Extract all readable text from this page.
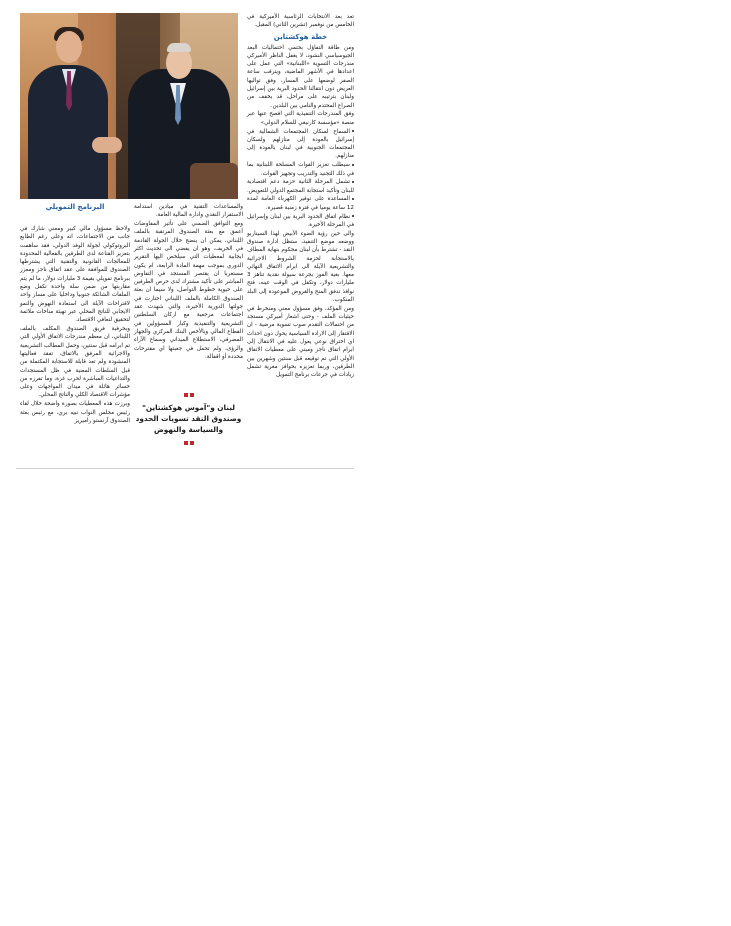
تعد بعد الانتخابات الرئاسية الأميركية في الخامس من نوفمبر (تشرين الثاني) المقبل.

خطة هوكشتاين

ومن طاقة التفاؤل بحتمي احتماليات البعد الجيوسياسي النشود، لا يغفل الناظر الأميركي مندرجات التسوية «اللبنانية» التي عمل على اعدادها في الأشهر الماضية، ويترقب ساعة الصفر لوضعها على المسار، وفق تواليها العريض دون انتقالنا الحدود البرية بين إسرائيل ولبنان بترتيبه على مراحل، قد يخفف من الصراع المحتدم والنامي بين البلدين.

وفق المندرجات التنفيذية التي افصح عنها عبر منصة «مؤسسة كارنيغي للسلام الدولي»

السماح لسكان المجتمعات الشمالية في إسرائيل بالعودة إلى منازلهم ولسكان المجتمعات الجنوبية في لبنان بالعودة إلى منازلهم.

سيطلب تعزيز القوات المسلحة اللبنانية بما في ذلك التجنيد والتدريب وتجهيز القوات.

تشمل المرحلة الثانية حزمة دعم اقتصادية للبنان وتأكيد استجابة المجتمع الدولي للتعويض.

المساعدة على توفير الكهرباء العامة لمدة 12 ساعة يوميا في فترة زمنية قصيرة.

نظام اتفاق الحدود البرية بين لبنان وإسرائيل في المرحلة الأخيرة.

والى حين رؤية الضوء الأبيض لهذا السيناريو ووضعه موضع التنفيذ، ستظل ادارة صندوق النقد - تشترط بأن لبنان محكوم بنهاية المطاف بالاستجابة لحزمة الشروط الاجرائية والتشريعية الآيلة الى ابرام الاتفاق النهائي معها. بغية الفوز بجرعة سيولة نقدية تناهز 3 مليارات دولار، وتكفل في الوقت عينه، فتح نوافذ تدفق المنح والقروض الموعودة إلى البلد المنكوب.

ومن المؤكد، وفق مسؤول معني ومنخرط في حيثيات الملف - وحتى اشعار أميركي مستجد من احتمالات التقدم صوب تسوية مرضية - ان الافتقار إلى الارادة السياسية يحول دون احداث اي اختراق نوعي يعول عليه في الانتقال إلى ابرام اتفاق ناجز ومبني على معطيات الاتفاق الأولي التي تم توقيعه قبل سنتين وشهرين بين الطرفين، وربما تعزيزه بحوافز مغرية تشمل زيادات في جرعات برنامج التمويل

والمساعدات التقنية في ميادين استدامة الاستقرار النقدي وادارة المالية العامة.

ومع التوافق الضمني على تأثير المفاوضات أعمق مع بعثة الصندوق المرتقبة بالملف اللبناني، يمكن ان ينضج خلال الجولة القادمة في الخريف، وهو ان يفضي الى تحديث اكثر ايجابية لمعطيات التي سيلخص اليها التقرير الدوري بموجب مهمة المادة الرابعة، ام يكون مستغربا ان يقتصر المستجد في التفاوض المباشر على تأكيد مشترك لدى حرص الطرفين على حيوية خطوط التواصل، ولا سيما ان بعثة الصندوق الكاملة بالملف اللبناني اختارت في جولتها الدورية الأخيرة، والتي شهدت عقد اجتماعات مرجعية مع اركان السلطتين التشريعية والتنفيذية وكبار المسؤولين في القطاع المالي وبالأخص البنك المركزي والجهاز المصرفي، الاستطلاع الميداني وسماع الآراء والرؤى، ولم تحمل في جعبتها اي مقترحات محددة أو اقفالة.

لبنان و"آموس هوكشتاين"
وصندوق النقد تسويات الحدود
والسياسة والنهوض
البرنامج التمويلي

ولاحظ مسؤول مالي كبير ومعني شارك في جانب من الاجتماعات، انه وعلى رغم الطابع البروتوكولي لجولة الوفد الدولي، فقد ساهمت بتعزيز القناعة لدى الطرفين بالفعالية المحدودة للمعالجات القانونية والتقنية التي يشترطها الصندوق للموافقة على عقد اتفاق ناجز ومعزز ببرنامج تمويلي بقيمة 3 مليارات دولار، ما لم يتم مقاربتها من ضمن سلة واحدة تكفل وضع الملفات الشائكة جنوبيا وداخليا على مسار واحد لاقتراحات الآيلة الى استعادة النهوض والنمو الايجابي للناتج المحلي عبر تهيئة مناخات ملائمة لتحقيق لتعافي الاقتصاد.

وبحرفية فريق الصندوق المكلف بالملف اللبناني، ان معظم مندرجات الاتفاق الأولي التي تم ابرامه قبل سنتين، وحمل المطالب التشريعية والاجرائية المرفق بالاتفاق، تفقد فعاليتها المنشودة ولم تعد قابلة للاستجابة المكتملة من قبل السلطات المعنية في ظل المستجدات والتداعيات المباشرة لحرب غزة، وما تفرزه من خسائر هائلة في ميدان المواجهات وعلى مؤشرات الاقتصاد الكلي والناتج المحلي.

وبرزت هذه المعطيات بصورة واضحة خلال لقاء رئيس مجلس النواب نبيه بري، مع رئيس بعثة الصندوق آرنستو راميريز
